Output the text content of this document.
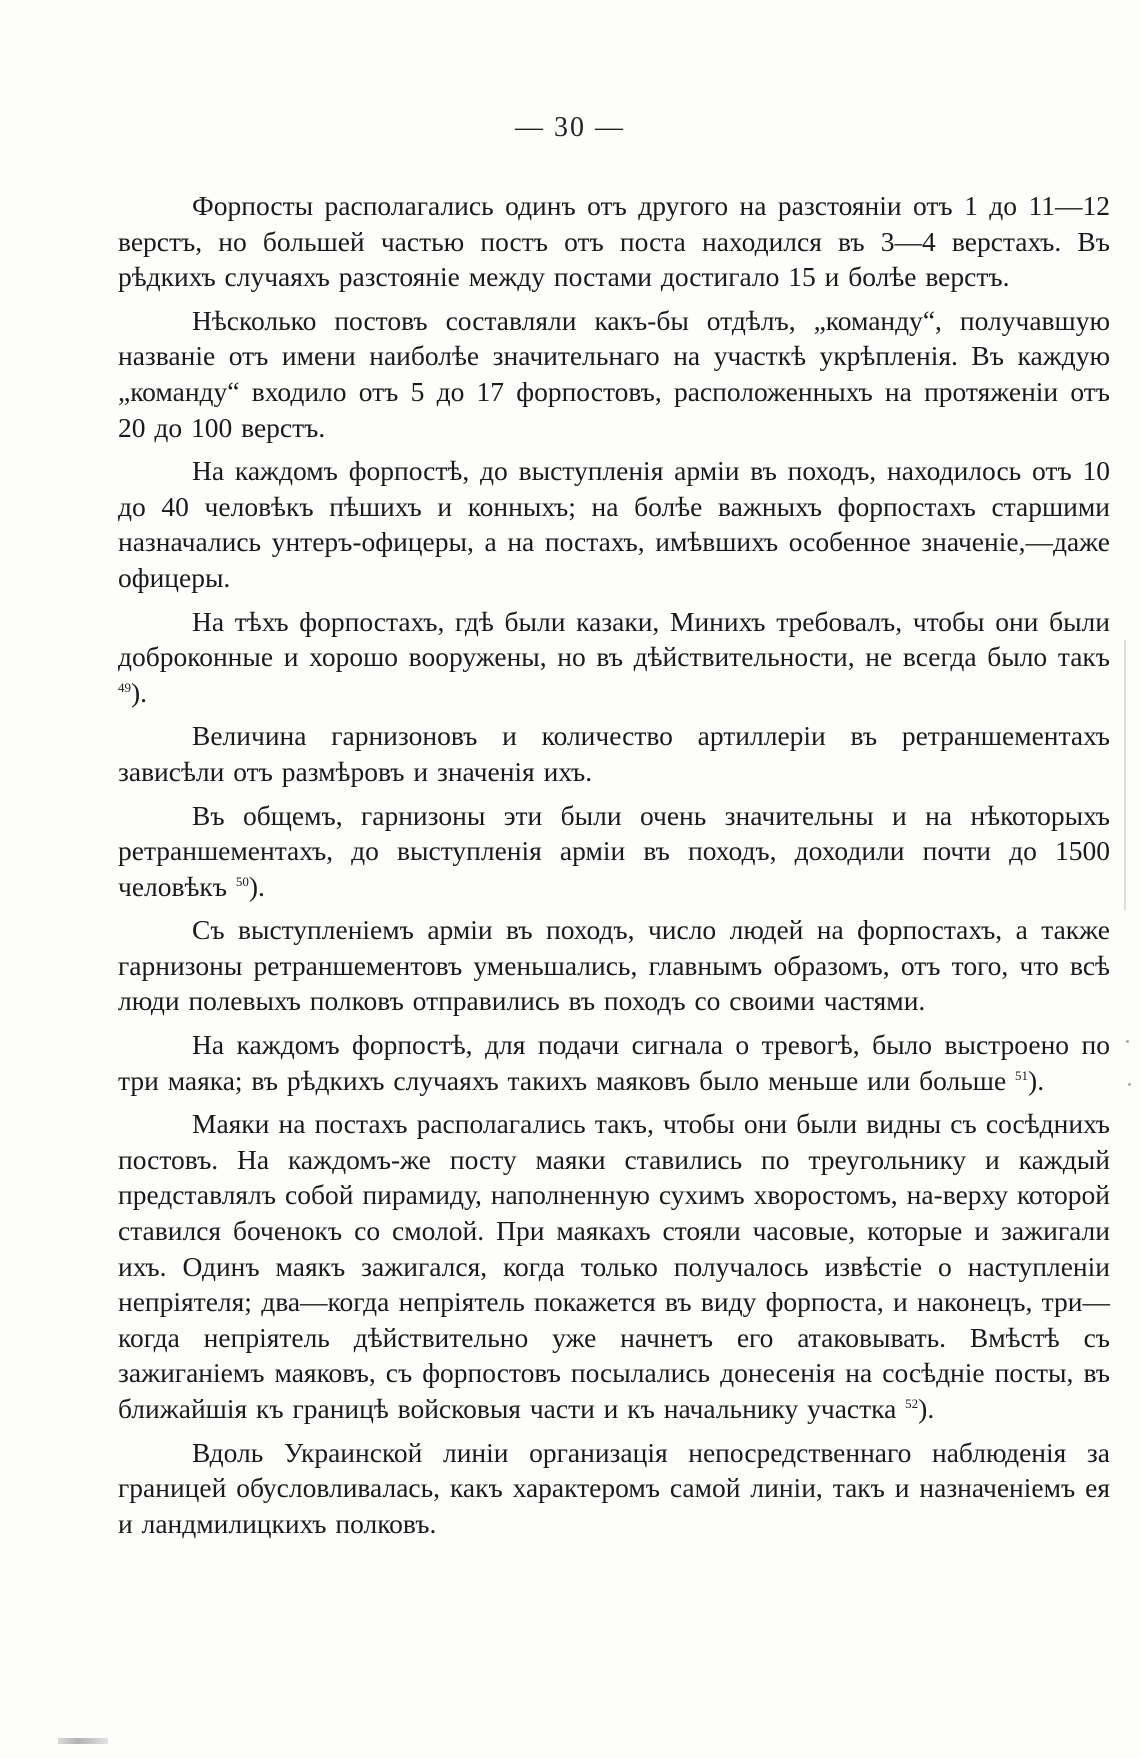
— 30 —

Форпосты располагались одинъ отъ другого на разстояніи отъ 1 до 11—12 верстъ, но большей частью постъ отъ поста находился въ 3—4 верстахъ. Въ рѣдкихъ случаяхъ разстояніе между постами достигало 15 и болѣе верстъ.

Нѣсколько постовъ составляли какъ-бы отдѣлъ, „команду“, получавшую названіе отъ имени наиболѣе значительнаго на участкѣ укрѣпленія. Въ каждую „команду“ входило отъ 5 до 17 форпостовъ, расположенныхъ на протяженіи отъ 20 до 100 верстъ.

На каждомъ форпостѣ, до выступленія арміи въ походъ, находилось отъ 10 до 40 человѣкъ пѣшихъ и конныхъ; на болѣе важныхъ форпостахъ старшими назначались унтеръ-офицеры, а на постахъ, имѣвшихъ особенное значеніе,—даже офицеры.

На тѣхъ форпостахъ, гдѣ были казаки, Минихъ требовалъ, чтобы они были доброконные и хорошо вооружены, но въ дѣйствительности, не всегда было такъ $^{49}$).

Величина гарнизоновъ и количество артиллеріи въ ретраншементахъ зависѣли отъ размѣровъ и значенія ихъ.

Въ общемъ, гарнизоны эти были очень значительны и на нѣкоторыхъ ретраншементахъ, до выступленія арміи въ походъ, доходили почти до 1500 человѣкъ $^{50}$).

Съ выступленіемъ арміи въ походъ, число людей на форпостахъ, а также гарнизоны ретраншементовъ уменьшались, главнымъ образомъ, отъ того, что всѣ люди полевыхъ полковъ отправились въ походъ со своими частями.

На каждомъ форпостѣ, для подачи сигнала о тревогѣ, было выстроено по три маяка; въ рѣдкихъ случаяхъ такихъ маяковъ было меньше или больше $^{51}$).

Маяки на постахъ располагались такъ, чтобы они были видны съ сосѣднихъ постовъ. На каждомъ-же посту маяки ставились по треугольнику и каждый представлялъ собой пирамиду, наполненную сухимъ хворостомъ, на-верху которой ставился боченокъ со смолой. При маякахъ стояли часовые, которые и зажигали ихъ. Одинъ маякъ зажигался, когда только получалось извѣстіе о наступленіи непріятеля; два—когда непріятель покажется въ виду форпоста, и наконецъ, три—когда непріятель дѣйствительно уже начнетъ его атаковывать. Вмѣстѣ съ зажиганіемъ маяковъ, съ форпостовъ посылались донесенія на сосѣдніе посты, въ ближайшія къ границѣ войсковыя части и къ начальнику участка $^{52}$).

Вдоль Украинской линіи организація непосредственнаго наблюденія за границей обусловливалась, какъ характеромъ самой линіи, такъ и назначеніемъ ея и ландмилицкихъ полковъ.
